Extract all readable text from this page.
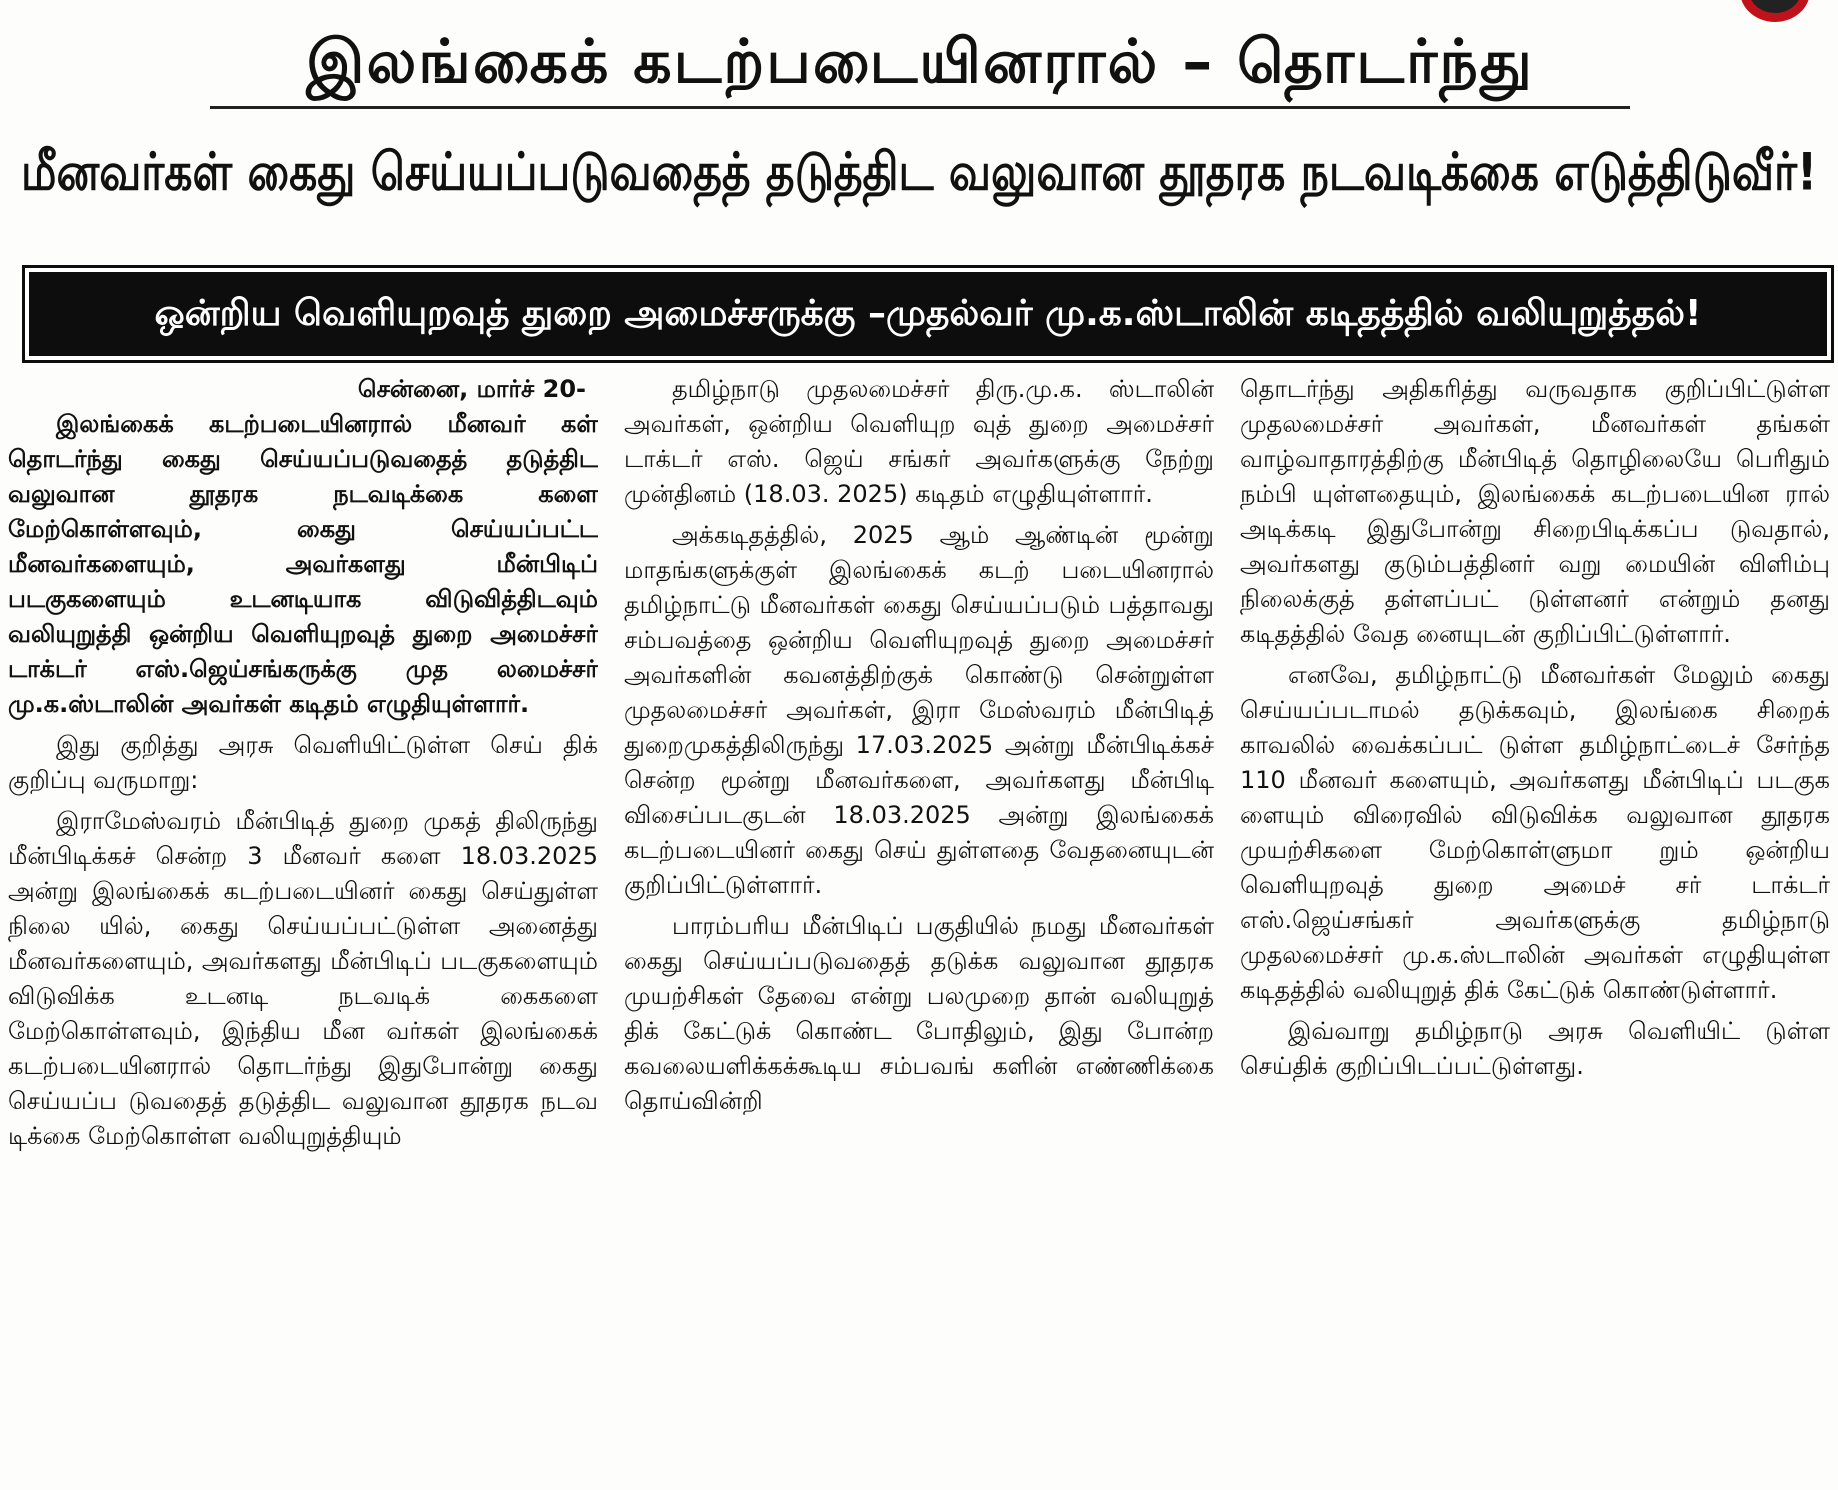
இலங்கைக் கடற்படையினரால் – தொடர்ந்து
மீனவர்கள் கைது செய்யப்படுவதைத் தடுத்திட வலுவான தூதரக நடவடிக்கை எடுத்திடுவீர்!
ஒன்றிய வெளியுறவுத் துறை அமைச்சருக்கு –முதல்வர் மு.க.ஸ்டாலின் கடிதத்தில் வலியுறுத்தல்!

சென்னை, மார்ச் 20-

இலங்கைக் கடற்படையினரால் மீனவர் கள் தொடர்ந்து கைது செய்யப்படுவதைத் தடுத்திட வலுவான தூதரக நடவடிக்கை களை மேற்கொள்ளவும், கைது செய்யப்பட்ட மீனவர்களையும், அவர்களது மீன்பிடிப் படகுகளையும் உடனடியாக விடுவித்திடவும் வலியுறுத்தி ஒன்றிய வெளியுறவுத் துறை அமைச்சர் டாக்டர் எஸ்.ஜெய்சங்கருக்கு முத லமைச்சர் மு.க.ஸ்டாலின் அவர்கள் கடிதம் எழுதியுள்ளார்.

இது குறித்து அரசு வெளியிட்டுள்ள செய் திக் குறிப்பு வருமாறு:

இராமேஸ்வரம் மீன்பிடித் துறை முகத் திலிருந்து மீன்பிடிக்கச் சென்ற 3 மீனவர் களை 18.03.2025 அன்று இலங்கைக் கடற்படையினர் கைது செய்துள்ள நிலை யில், கைது செய்யப்பட்டுள்ள அனைத்து மீனவர்களையும், அவர்களது மீன்பிடிப் படகுகளையும் விடுவிக்க உடனடி நடவடிக் கைகளை மேற்கொள்ளவும், இந்திய மீன வர்கள் இலங்கைக் கடற்படையினரால் தொடர்ந்து இதுபோன்று கைது செய்யப்ப டுவதைத் தடுத்திட வலுவான தூதரக நடவ டிக்கை மேற்கொள்ள வலியுறுத்தியும்

தமிழ்நாடு முதலமைச்சர் திரு.மு.க. ஸ்டாலின் அவர்கள், ஒன்றிய வெளியுற வுத் துறை அமைச்சர் டாக்டர் எஸ். ஜெய் சங்கர் அவர்களுக்கு நேற்று முன்தினம் (18.03. 2025) கடிதம் எழுதியுள்ளார்.

அக்கடிதத்தில், 2025 ஆம் ஆண்டின் மூன்று மாதங்களுக்குள் இலங்கைக் கடற் படையினரால் தமிழ்நாட்டு மீனவர்கள் கைது செய்யப்படும் பத்தாவது சம்பவத்தை ஒன்றிய வெளியுறவுத் துறை அமைச்சர் அவர்களின் கவனத்திற்குக் கொண்டு சென்றுள்ள முதலமைச்சர் அவர்கள், இரா மேஸ்வரம் மீன்பிடித் துறைமுகத்திலிருந்து 17.03.2025 அன்று மீன்பிடிக்கச் சென்ற மூன்று மீனவர்களை, அவர்களது மீன்பிடி விசைப்படகுடன் 18.03.2025 அன்று இலங்கைக் கடற்படையினர் கைது செய் துள்ளதை வேதனையுடன் குறிப்பிட்டுள்ளார்.

பாரம்பரிய மீன்பிடிப் பகுதியில் நமது மீனவர்கள் கைது செய்யப்படுவதைத் தடுக்க வலுவான தூதரக முயற்சிகள் தேவை என்று பலமுறை தான் வலியுறுத் திக் கேட்டுக் கொண்ட போதிலும், இது போன்ற கவலையளிக்கக்கூடிய சம்பவங் களின் எண்ணிக்கை தொய்வின்றி

தொடர்ந்து அதிகரித்து வருவதாக குறிப்பிட்டுள்ள முதலமைச்சர் அவர்கள், மீனவர்கள் தங்கள் வாழ்வாதாரத்திற்கு மீன்பிடித் தொழிலையே பெரிதும் நம்பி யுள்ளதையும், இலங்கைக் கடற்படையின ரால் அடிக்கடி இதுபோன்று சிறைபிடிக்கப்ப டுவதால், அவர்களது குடும்பத்தினர் வறு மையின் விளிம்பு நிலைக்குத் தள்ளப்பட் டுள்ளனர் என்றும் தனது கடிதத்தில் வேத னையுடன் குறிப்பிட்டுள்ளார்.

எனவே, தமிழ்நாட்டு மீனவர்கள் மேலும் கைது செய்யப்படாமல் தடுக்கவும், இலங்கை சிறைக் காவலில் வைக்கப்பட் டுள்ள தமிழ்நாட்டைச் சேர்ந்த 110 மீனவர் களையும், அவர்களது மீன்பிடிப் படகுக ளையும் விரைவில் விடுவிக்க வலுவான தூதரக முயற்சிகளை மேற்கொள்ளுமா றும் ஒன்றிய வெளியுறவுத் துறை அமைச் சர் டாக்டர் எஸ்.ஜெய்சங்கர் அவர்களுக்கு தமிழ்நாடு முதலமைச்சர் மு.க.ஸ்டாலின் அவர்கள் எழுதியுள்ள கடிதத்தில் வலியுறுத் திக் கேட்டுக் கொண்டுள்ளார்.

இவ்வாறு தமிழ்நாடு அரசு வெளியிட் டுள்ள செய்திக் குறிப்பிடப்பட்டுள்ளது.
